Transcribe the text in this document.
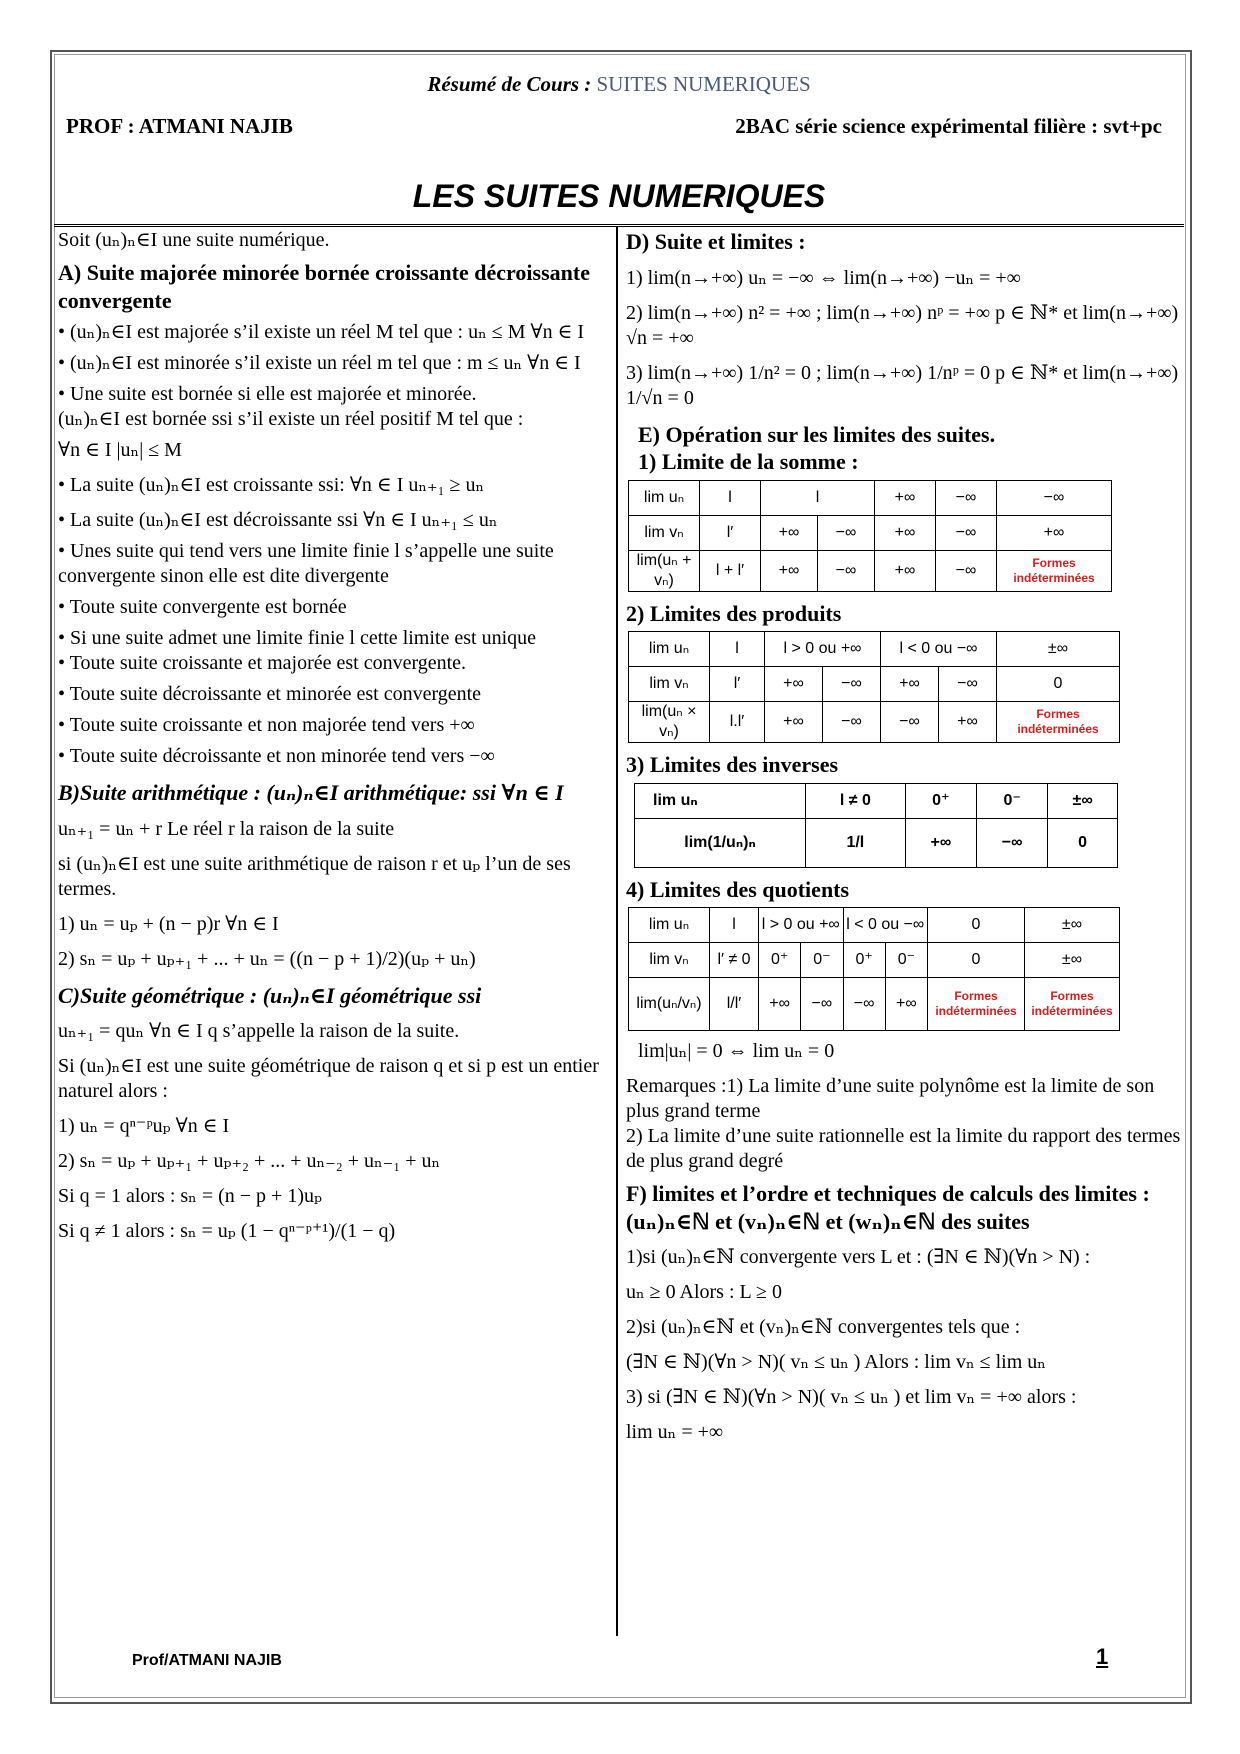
Résumé de Cours : SUITES NUMERIQUES
PROF : ATMANI NAJIB	2BAC série science expérimental filière : svt+pc
LES SUITES NUMERIQUES

Soit (uₙ)ₙ∈I une suite numérique.

A) Suite majorée minorée bornée croissante décroissante convergente

• (uₙ)ₙ∈I est majorée s’il existe un réel M tel que : uₙ ≤ M ∀n ∈ I

• (uₙ)ₙ∈I est minorée s’il existe un réel m tel que : m ≤ uₙ ∀n ∈ I

• Une suite est bornée si elle est majorée et minorée.

(uₙ)ₙ∈I est bornée ssi s’il existe un réel positif M tel que :

∀n ∈ I |uₙ| ≤ M

• La suite (uₙ)ₙ∈I est croissante ssi: ∀n ∈ I uₙ₊₁ ≥ uₙ

• La suite (uₙ)ₙ∈I est décroissante ssi ∀n ∈ I uₙ₊₁ ≤ uₙ

• Unes suite qui tend vers une limite finie l s’appelle une suite convergente sinon elle est dite divergente

• Toute suite convergente est bornée

• Si une suite admet une limite finie l cette limite est unique

• Toute suite croissante et majorée est convergente.

• Toute suite décroissante et minorée est convergente

• Toute suite croissante et non majorée tend vers +∞

• Toute suite décroissante et non minorée tend vers −∞

B)Suite arithmétique : (uₙ)ₙ∈I arithmétique: ssi ∀n ∈ I

uₙ₊₁ = uₙ + r Le réel r la raison de la suite

si (uₙ)ₙ∈I est une suite arithmétique de raison r et uₚ l’un de ses termes.

1) uₙ = uₚ + (n − p)r ∀n ∈ I

2) sₙ = uₚ + uₚ₊₁ + ... + uₙ = ((n − p + 1)/2)(uₚ + uₙ)

C)Suite géométrique : (uₙ)ₙ∈I géométrique ssi

uₙ₊₁ = quₙ ∀n ∈ I q s’appelle la raison de la suite.

Si (uₙ)ₙ∈I est une suite géométrique de raison q et si p est un entier naturel alors :

1) uₙ = qⁿ⁻ᵖuₚ ∀n ∈ I

2) sₙ = uₚ + uₚ₊₁ + uₚ₊₂ + ... + uₙ₋₂ + uₙ₋₁ + uₙ

Si q = 1 alors : sₙ = (n − p + 1)uₚ

Si q ≠ 1 alors : sₙ = uₚ (1 − qⁿ⁻ᵖ⁺¹)/(1 − q)

D) Suite et limites :

1) lim(n→+∞) uₙ = −∞ ⇔ lim(n→+∞) −uₙ = +∞

2) lim(n→+∞) n² = +∞ ; lim(n→+∞) nᵖ = +∞ p ∈ ℕ* et lim(n→+∞) √n = +∞

3) lim(n→+∞) 1/n² = 0 ; lim(n→+∞) 1/nᵖ = 0 p ∈ ℕ* et lim(n→+∞) 1/√n = 0

E) Opération sur les limites des suites.

1) Limite de la somme :

lim uₙ	l	l		+∞	−∞	−∞
lim vₙ	l′	+∞	−∞	+∞	−∞	+∞
lim(uₙ + vₙ)	l + l′	+∞	−∞	+∞	−∞	Formes indéterminées

2) Limites des produits

lim uₙ	l	l > 0 ou +∞		l < 0 ou −∞		±∞
lim vₙ	l′	+∞	−∞	+∞	−∞	0
lim(uₙ × vₙ)	l.l′	+∞	−∞	−∞	+∞	Formes indéterminées

3) Limites des inverses

lim uₙ	l ≠ 0	0⁺	0⁻	±∞
lim(1/uₙ)ₙ	1/l	+∞	−∞	0

4) Limites des quotients

lim uₙ	l	l > 0 ou +∞		l < 0 ou −∞		0	±∞
lim vₙ	l′ ≠ 0	0⁺	0⁻	0⁺	0⁻	0	±∞
lim(uₙ/vₙ)	l/l′	+∞	−∞	−∞	+∞	Formes indéterminées	Formes indéterminées

lim|uₙ| = 0 ⇔ lim uₙ = 0

Remarques :1) La limite d’une suite polynôme est la limite de son plus grand terme

2) La limite d’une suite rationnelle est la limite du rapport des termes de plus grand degré

F) limites et l’ordre et techniques de calculs des limites : (uₙ)ₙ∈ℕ et (vₙ)ₙ∈ℕ et (wₙ)ₙ∈ℕ des suites

1)si (uₙ)ₙ∈ℕ convergente vers L et : (∃N ∈ ℕ)(∀n > N) :

uₙ ≥ 0 Alors : L ≥ 0

2)si (uₙ)ₙ∈ℕ et (vₙ)ₙ∈ℕ convergentes tels que :

(∃N ∈ ℕ)(∀n > N)( vₙ ≤ uₙ ) Alors : lim vₙ ≤ lim uₙ

3) si (∃N ∈ ℕ)(∀n > N)( vₙ ≤ uₙ ) et lim vₙ = +∞ alors :

lim uₙ = +∞

Prof/ATMANI NAJIB	1
